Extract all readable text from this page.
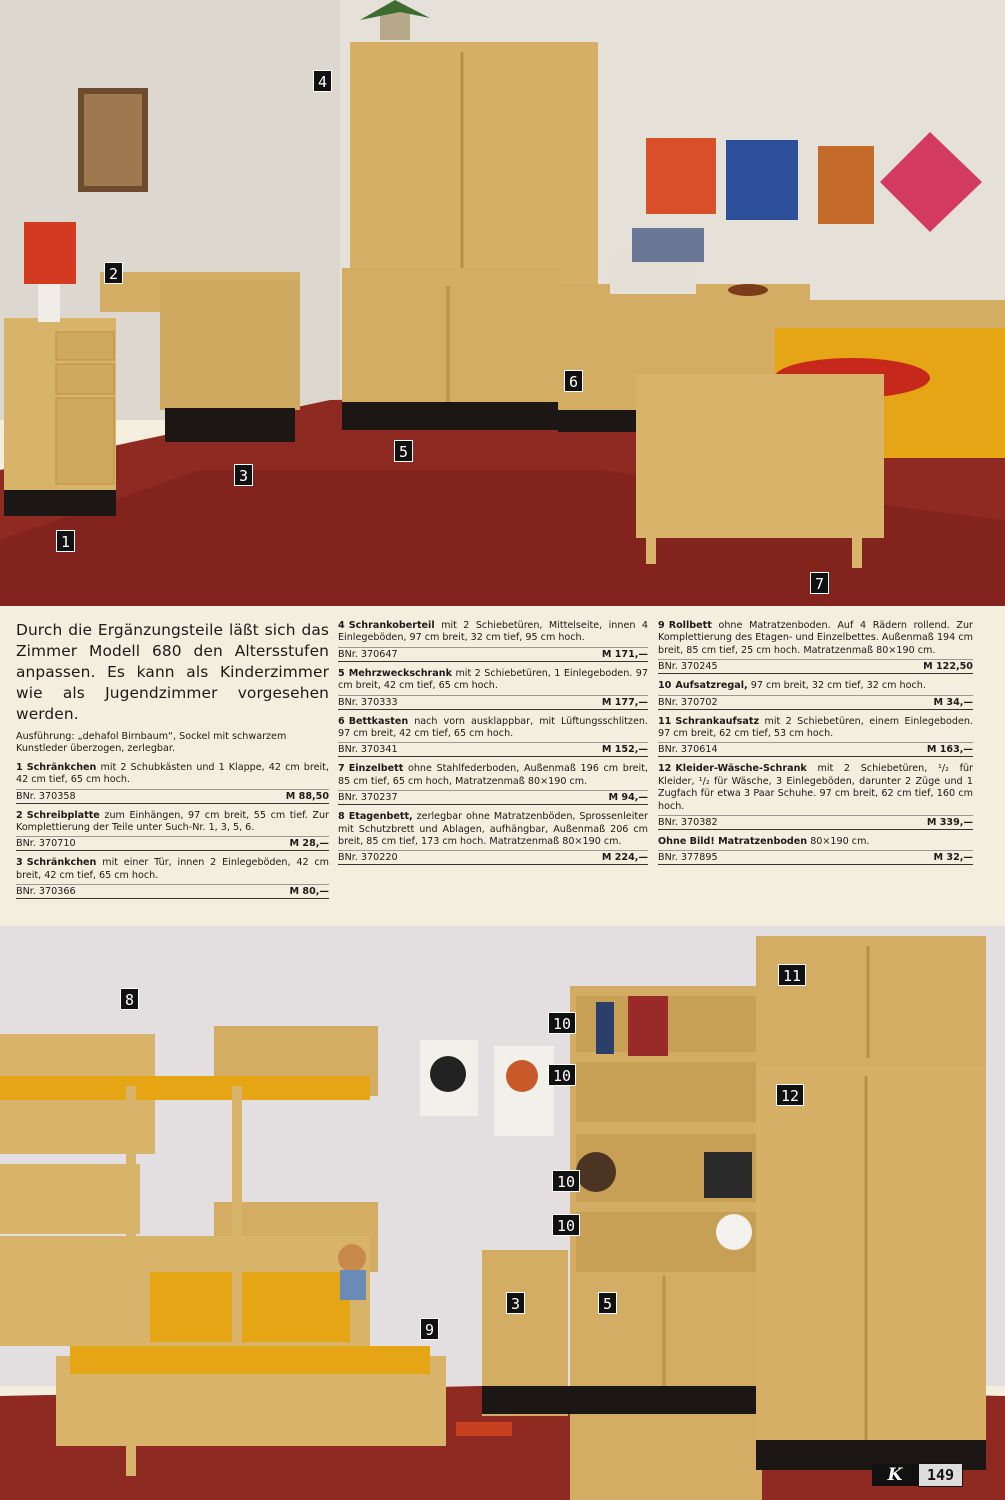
1
2
3
4
5
6
7

Durch die Ergänzungsteile läßt sich das Zimmer Modell 680 den Altersstufen anpassen. Es kann als Kinderzimmer wie als Jugendzimmer vorgesehen werden.

Ausführung: „dehafol Birnbaum“, Sockel mit schwarzem Kunstleder überzogen, zerlegbar.

1 Schränkchen mit 2 Schubkästen und 1 Klappe, 42 cm breit, 42 cm tief, 65 cm hoch.

BNr. 370358	M 88,50

2 Schreibplatte zum Einhängen, 97 cm breit, 55 cm tief. Zur Komplettierung der Teile unter Such-Nr. 1, 3, 5, 6.

BNr. 370710	M 28,—

3 Schränkchen mit einer Tür, innen 2 Einlegeböden, 42 cm breit, 42 cm tief, 65 cm hoch.

BNr. 370366	M 80,—

4 Schrankoberteil mit 2 Schiebetüren, Mittelseite, innen 4 Einlegeböden, 97 cm breit, 32 cm tief, 95 cm hoch.

BNr. 370647	M 171,—

5 Mehrzweckschrank mit 2 Schiebetüren, 1 Einlegeboden. 97 cm breit, 42 cm tief, 65 cm hoch.

BNr. 370333	M 177,—

6 Bettkasten nach vorn ausklappbar, mit Lüftungsschlitzen. 97 cm breit, 42 cm tief, 65 cm hoch.

BNr. 370341	M 152,—

7 Einzelbett ohne Stahlfederboden, Außenmaß 196 cm breit, 85 cm tief, 65 cm hoch, Matratzenmaß 80×190 cm.

BNr. 370237	M 94,—

8 Etagenbett, zerlegbar ohne Matratzenböden, Sprossenleiter mit Schutzbrett und Ablagen, aufhängbar, Außenmaß 206 cm breit, 85 cm tief, 173 cm hoch. Matratzenmaß 80×190 cm.

BNr. 370220	M 224,—

9 Rollbett ohne Matratzenboden. Auf 4 Rädern rollend. Zur Komplettierung des Etagen- und Einzelbettes. Außenmaß 194 cm breit, 85 cm tief, 25 cm hoch. Matratzenmaß 80×190 cm.

BNr. 370245	M 122,50

10 Aufsatzregal, 97 cm breit, 32 cm tief, 32 cm hoch.

BNr. 370702	M 34,—

11 Schrankaufsatz mit 2 Schiebetüren, einem Einlegeboden. 97 cm breit, 62 cm tief, 53 cm hoch.

BNr. 370614	M 163,—

12 Kleider-Wäsche-Schrank mit 2 Schiebetüren, ¹/₂ für Kleider, ¹/₂ für Wäsche, 3 Einlegeböden, darunter 2 Züge und 1 Zugfach für etwa 3 Paar Schuhe. 97 cm breit, 62 cm tief, 160 cm hoch.

BNr. 370382	M 339,—

Ohne Bild! Matratzenboden 80×190 cm.

BNr. 377895	M 32,—
8
9
3	5
10
10
10
10
11
12
K	149
